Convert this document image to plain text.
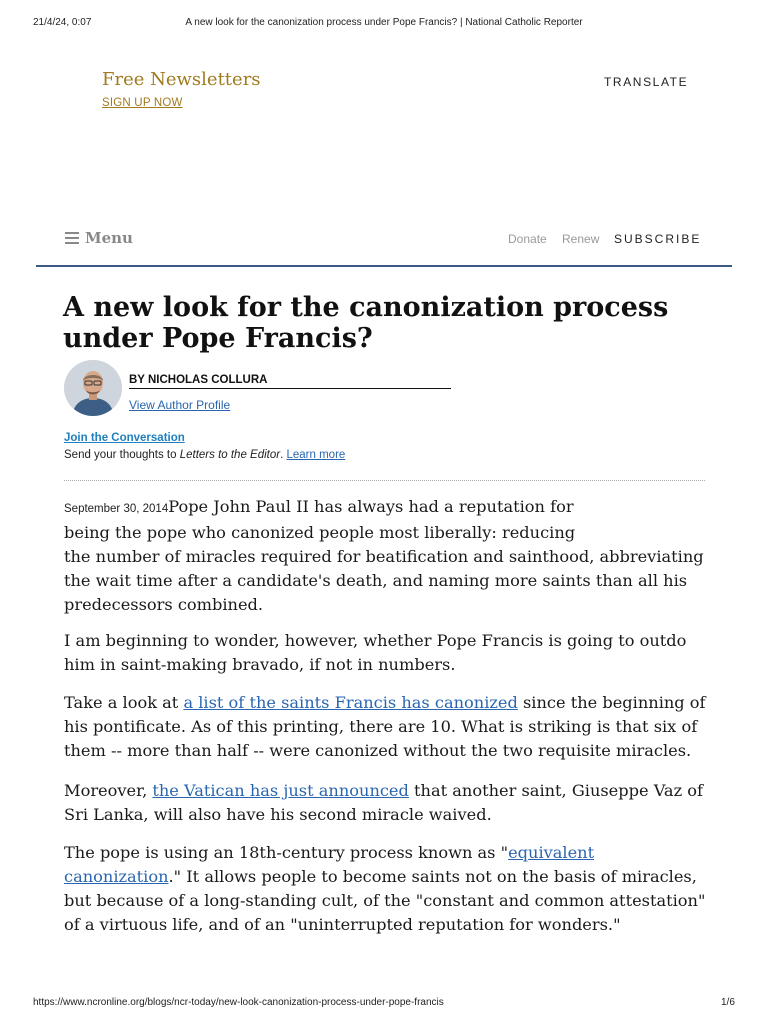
21/4/24, 0:07	A new look for the canonization process under Pope Francis? | National Catholic Reporter
Free Newsletters
SIGN UP NOW
TRANSLATE
Menu	Donate Renew SUBSCRIBE
A new look for the canonization process under Pope Francis?
BY NICHOLAS COLLURA
View Author Profile
Join the Conversation
Send your thoughts to Letters to the Editor. Learn more
September 30, 2014Pope John Paul II has always had a reputation for
being the pope who canonized people most liberally: reducing
the number of miracles required for beatification and sainthood, abbreviating the wait time after a candidate's death, and naming more saints than all his predecessors combined.
I am beginning to wonder, however, whether Pope Francis is going to outdo him in saint-making bravado, if not in numbers.
Take a look at a list of the saints Francis has canonized since the beginning of his pontificate. As of this printing, there are 10. What is striking is that six of them -- more than half -- were canonized without the two requisite miracles.
Moreover, the Vatican has just announced that another saint, Giuseppe Vaz of Sri Lanka, will also have his second miracle waived.
The pope is using an 18th-century process known as "equivalent canonization." It allows people to become saints not on the basis of miracles, but because of a long-standing cult, of the "constant and common attestation" of a virtuous life, and of an "uninterrupted reputation for wonders."
https://www.ncronline.org/blogs/ncr-today/new-look-canonization-process-under-pope-francis	1/6
